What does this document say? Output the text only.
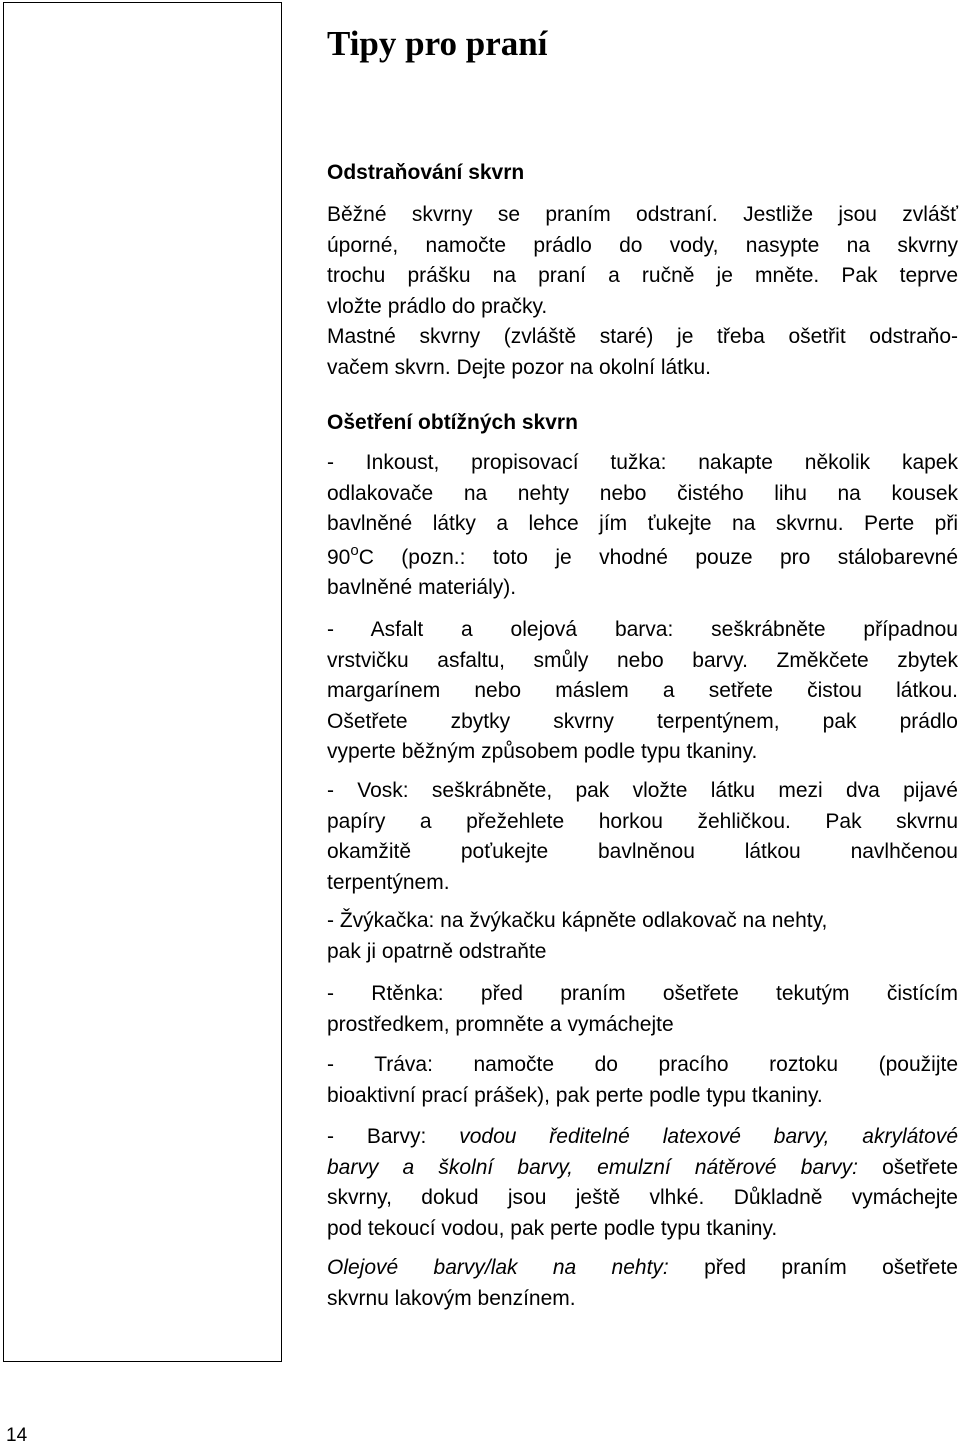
14
Tipy pro praní
Odstraňování skvrn
Běžné skvrny se praním odstraní. Jestliže jsou zvlášť
úporné, namočte prádlo do vody, nasypte na skvrny
trochu prášku na praní a ručně je mněte. Pak teprve
vložte prádlo do pračky.
Mastné skvrny (zvláště staré) je třeba ošetřit odstraňo-
vačem skvrn. Dejte pozor na okolní látku.
Ošetření obtížných skvrn
- Inkoust, propisovací tužka: nakapte několik kapek
odlakovače na nehty nebo čistého lihu na kousek
bavlněné látky a lehce jím ťukejte na skvrnu. Perte při
90$^o$C (pozn.: toto je vhodné pouze pro stálobarevné
bavlněné materiály).
- Asfalt a olejová barva: seškrábněte případnou
vrstvičku asfaltu, smůly nebo barvy. Změkčete zbytek
margarínem nebo máslem a setřete čistou látkou.
Ošetřete zbytky skvrny terpentýnem, pak prádlo
vyperte běžným způsobem podle typu tkaniny.
- Vosk: seškrábněte, pak vložte látku mezi dva pijavé
papíry a přežehlete horkou žehličkou. Pak skvrnu
okamžitě poťukejte bavlněnou látkou navlhčenou
terpentýnem.
- Žvýkačka: na žvýkačku kápněte odlakovač na nehty,
pak ji opatrně odstraňte
- Rtěnka: před praním ošetřete tekutým čistícím
prostředkem, promněte a vymáchejte
- Tráva: namočte do pracího roztoku (použijte
bioaktivní prací prášek), pak perte podle typu tkaniny.
- Barvy: vodou ředitelné latexové barvy, akrylátové
barvy a školní barvy, emulzní nátěrové barvy: ošetřete
skvrny, dokud jsou ještě vlhké. Důkladně vymáchejte
pod tekoucí vodou, pak perte podle typu tkaniny.
Olejové barvy/lak na nehty: před praním ošetřete
skvrnu lakovým benzínem.
